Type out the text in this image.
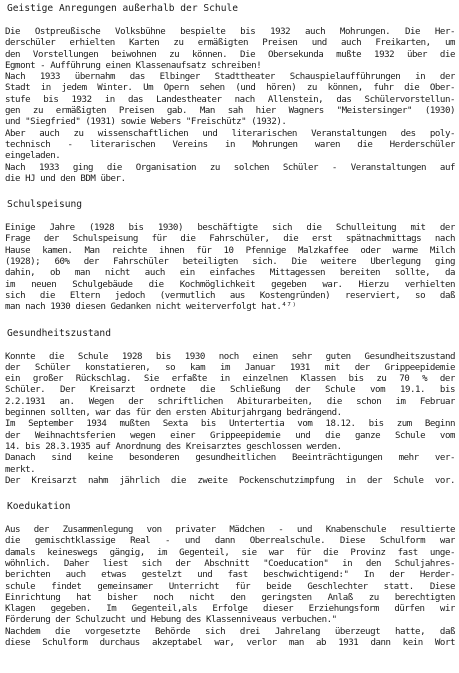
Geistige Anregungen außerhalb der Schule
Die Ostpreußische Volksbühne bespielte bis 1932 auch Mohrungen. Die Her-
derschüler erhielten Karten zu ermäßigten Preisen und auch Freikarten, um
den Vorstellungen beiwohnen zu können. Die Obersekunda mußte 1932 über die
Egmont - Aufführung einen Klassenaufsatz schreiben!
Nach 1933 übernahm das Elbinger Stadttheater Schauspielaufführungen in der
Stadt in jedem Winter. Um Opern sehen (und hören) zu können, fuhr die Ober-
stufe bis 1932 in das Landestheater nach Allenstein, das Schülervorstellun-
gen zu ermäßigten Preisen gab. Man sah hier Wagners "Meistersinger" (1930)
und "Siegfried" (1931) sowie Webers "Freischütz" (1932).
Aber auch zu wissenschaftlichen und literarischen Veranstaltungen des poly-
technisch - literarischen Vereins in Mohrungen waren die Herderschüler
eingeladen.
Nach 1933 ging die Organisation zu solchen Schüler - Veranstaltungen auf
die HJ und den BDM über.
Schulspeisung
Einige Jahre (1928 bis 1930) beschäftigte sich die Schulleitung mit der
Frage der Schulspeisung für die Fahrschüler, die erst spätnachmittags nach
Hause kamen. Man reichte ihnen für 10 Pfennige Malzkaffee oder warme Milch
(1928); 60% der Fahrschüler beteiligten sich. Die weitere Überlegung ging
dahin, ob man nicht auch ein einfaches Mittagessen bereiten sollte, da
im neuen Schulgebäude die Kochmöglichkeit gegeben war. Hierzu verhielten
sich die Eltern jedoch (vermutlich aus Kostengründen) reserviert, so daß
man nach 1930 diesen Gedanken nicht weiterverfolgt hat.⁴⁷⁾
Gesundheitszustand
Konnte die Schule 1928 bis 1930 noch einen sehr guten Gesundheitszustand
der Schüler konstatieren, so kam im Januar 1931 mit der Grippeepidemie
ein großer Rückschlag. Sie erfaßte in einzelnen Klassen bis zu 70 % der
Schüler. Der Kreisarzt ordnete die Schließung der Schule vom 19.1. bis
2.2.1931 an. Wegen der schriftlichen Abiturarbeiten, die schon im Februar
beginnen sollten, war das für den ersten Abiturjahrgang bedrängend.
Im September 1934 mußten Sexta bis Untertertia vom 18.12. bis zum Beginn
der Weihnachtsferien wegen einer Grippeepidemie und die ganze Schule vom
14. bis 28.3.1935 auf Anordnung des Kreisarztes geschlossen werden.
Danach sind keine besonderen gesundheitlichen Beeinträchtigungen mehr ver-
merkt.
Der Kreisarzt nahm jährlich die zweite Pockenschutzimpfung in der Schule vor.
Koedukation
Aus der Zusammenlegung von privater Mädchen - und Knabenschule resultierte
die gemischtklassige Real - und dann Oberrealschule. Diese Schulform war
damals keineswegs gängig, im Gegenteil, sie war für die Provinz fast unge-
wöhnlich. Daher liest sich der Abschnitt "Coeducation" in den Schuljahres-
berichten auch etwas gestelzt und fast beschwichtigend:" In der Herder-
schule findet gemeinsamer Unterricht für beide Geschlechter statt. Diese
Einrichtung hat bisher noch nicht den geringsten Anlaß zu berechtigten
Klagen gegeben. Im Gegenteil,als Erfolge dieser Erziehungsform dürfen wir
Förderung der Schulzucht und Hebung des Klassenniveaus verbuchen."
Nachdem die vorgesetzte Behörde sich drei Jahrelang überzeugt hatte, daß
diese Schulform durchaus akzeptabel war, verlor man ab 1931 dann kein Wort
